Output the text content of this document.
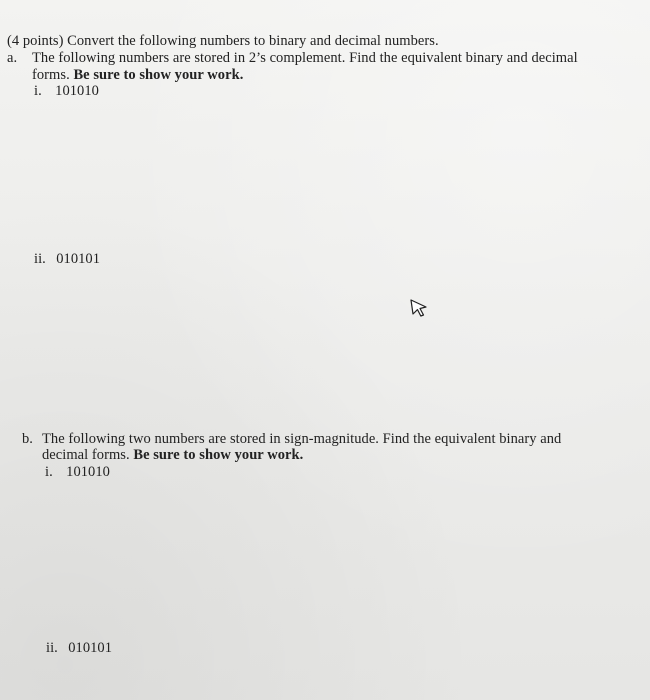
(4 points) Convert the following numbers to binary and decimal numbers.
a. The following numbers are stored in 2’s complement. Find the equivalent binary and decimal
forms. Be sure to show your work.
i. 101010
ii. 010101
b. The following two numbers are stored in sign-magnitude. Find the equivalent binary and
decimal forms. Be sure to show your work.
i. 101010
ii. 010101
